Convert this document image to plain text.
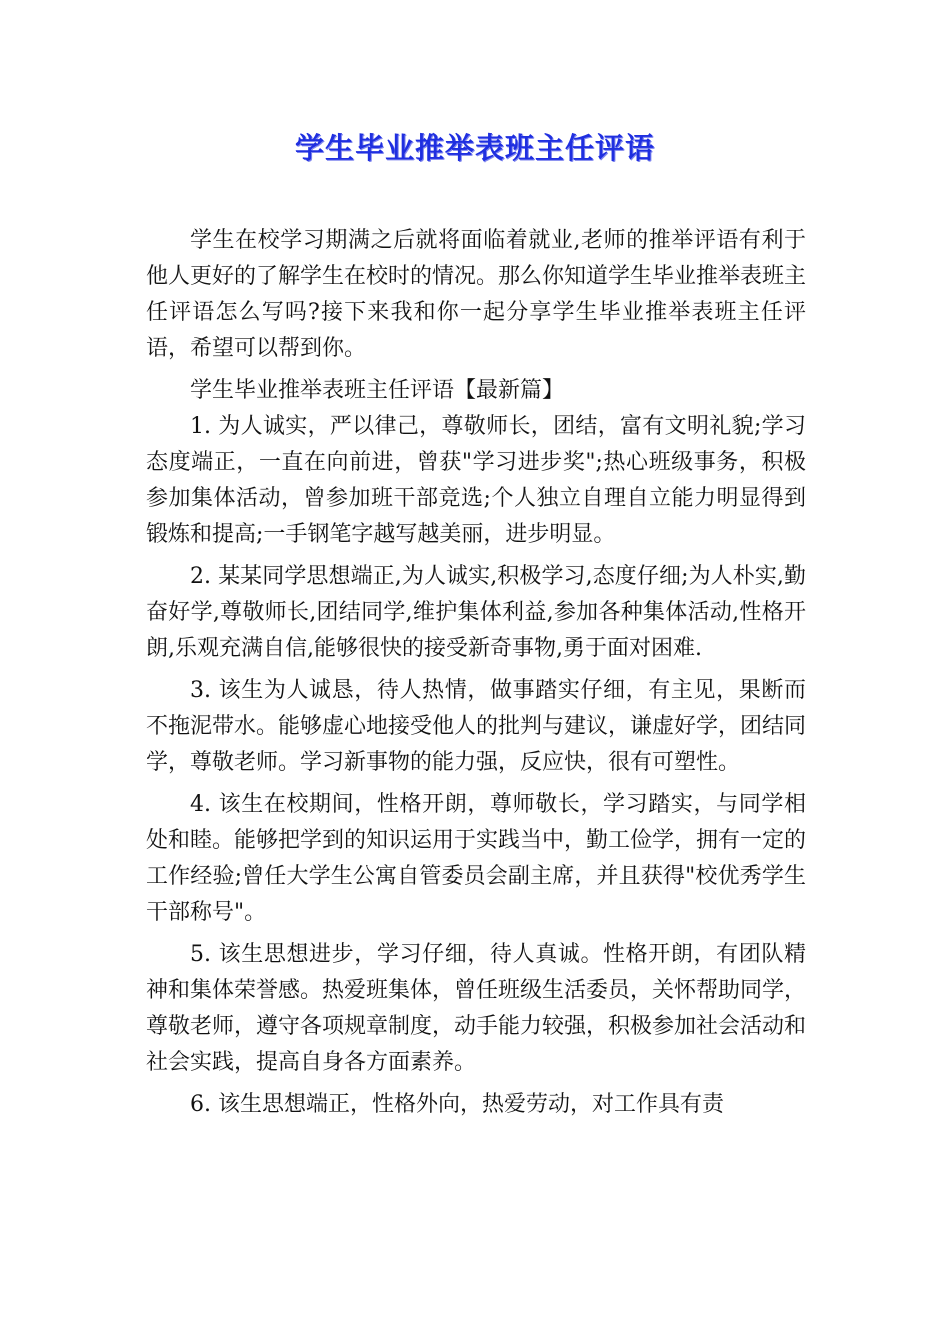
学生毕业推举表班主任评语

学生在校学习期满之后就将面临着就业,老师的推举评语有利于他人更好的了解学生在校时的情况。那么你知道学生毕业推举表班主任评语怎么写吗?接下来我和你一起分享学生毕业推举表班主任评语，希望可以帮到你。

学生毕业推举表班主任评语【最新篇】

1. 为人诚实，严以律己，尊敬师长，团结，富有文明礼貌;学习态度端正，一直在向前进，曾获"学习进步奖";热心班级事务，积极参加集体活动，曾参加班干部竞选;个人独立自理自立能力明显得到锻炼和提高;一手钢笔字越写越美丽，进步明显。

2. 某某同学思想端正,为人诚实,积极学习,态度仔细;为人朴实,勤奋好学,尊敬师长,团结同学,维护集体利益,参加各种集体活动,性格开朗,乐观充满自信,能够很快的接受新奇事物,勇于面对困难.

3. 该生为人诚恳，待人热情，做事踏实仔细，有主见，果断而不拖泥带水。能够虚心地接受他人的批判与建议，谦虚好学，团结同学，尊敬老师。学习新事物的能力强，反应快，很有可塑性。

4. 该生在校期间，性格开朗，尊师敬长，学习踏实，与同学相处和睦。能够把学到的知识运用于实践当中，勤工俭学，拥有一定的工作经验;曾任大学生公寓自管委员会副主席，并且获得"校优秀学生干部称号"。

5. 该生思想进步，学习仔细，待人真诚。性格开朗，有团队精神和集体荣誉感。热爱班集体，曾任班级生活委员，关怀帮助同学，尊敬老师，遵守各项规章制度，动手能力较强，积极参加社会活动和社会实践，提高自身各方面素养。

6. 该生思想端正，性格外向，热爱劳动，对工作具有责
